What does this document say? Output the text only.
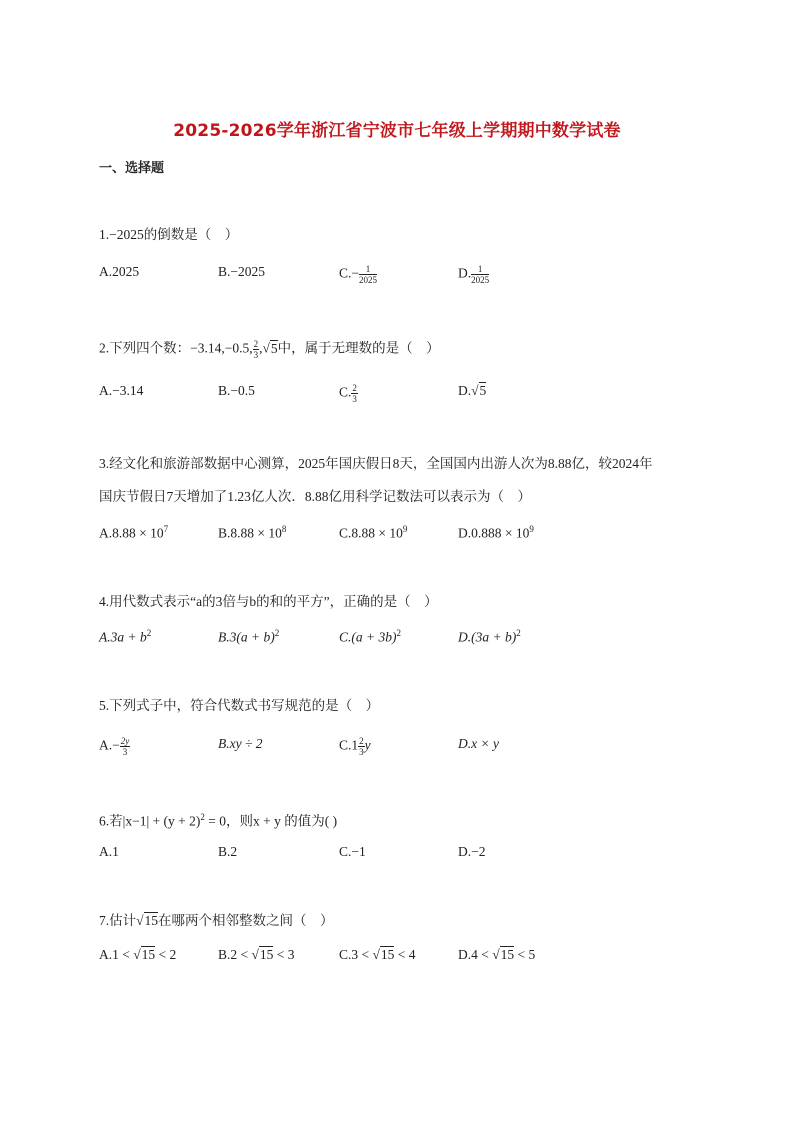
2025-2026学年浙江省宁波市七年级上学期期中数学试卷
一、选择题
1.−2025的倒数是（　）
A.2025	B.−2025	$C.- \frac{1}{2025}$	D. $\frac{1}{2025}$
2.下列四个数：−3.14,−0.5, $\frac{2}{3} ,√5$中，属于无理数的是（　）
A.−3.14	B.−0.5	C. $\frac{2}{3}$	D.√5
3.经文化和旅游部数据中心测算，2025年国庆假日8天，全国国内出游人次为8.88亿，较2024年
国庆节假日7天增加了1.23亿人次．8.88亿用科学记数法可以表示为（　）
$A.8.88 \times 10^7$	$B.8.88 \times 10^8$	$C.8.88 \times 10^9$	$D.0.888 \times 10^9$
4.用代数式表示“a的3倍与b的和的平方”，正确的是（　）
$A.3a + b^2$	$B.3(a + b)^2$	$C.(a + 3b)^2$	$D.(3a + b)^2$
5.下列式子中，符合代数式书写规范的是（　）
$A.- \frac{2y}{3}$	B.xy ÷ 2	$C.1 \frac{2}{3}$ y	D.x × y
6.若$|x-1| + (y + 2)^2 = 0$，则x + y 的值为( )
A.1	B.2	C.−1	D.−2
7.估计√15在哪两个相邻整数之间（　）
A.1 < √15 < 2	B.2 < √15 < 3	C.3 < √15 < 4	D.4 < √15 < 5
